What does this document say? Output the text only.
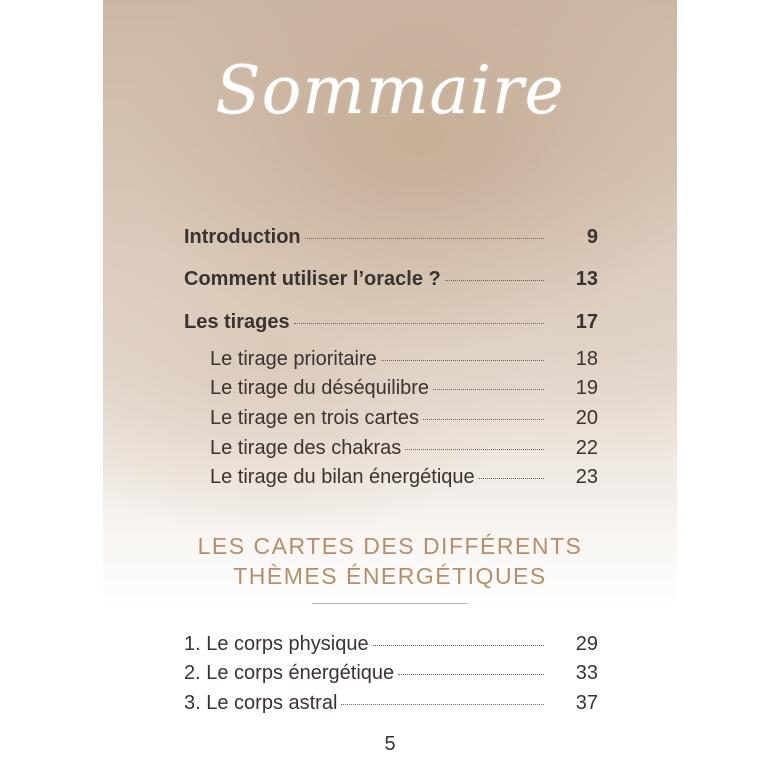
Sommaire
Introduction	9
Comment utiliser l’oracle ?	13
Les tirages	17
Le tirage prioritaire	18
Le tirage du déséquilibre	19
Le tirage en trois cartes	20
Le tirage des chakras	22
Le tirage du bilan énergétique	23
LES CARTES DES DIFFÉRENTS
THÈMES ÉNERGÉTIQUES
1. Le corps physique	29
2. Le corps énergétique	33
3. Le corps astral	37
5
